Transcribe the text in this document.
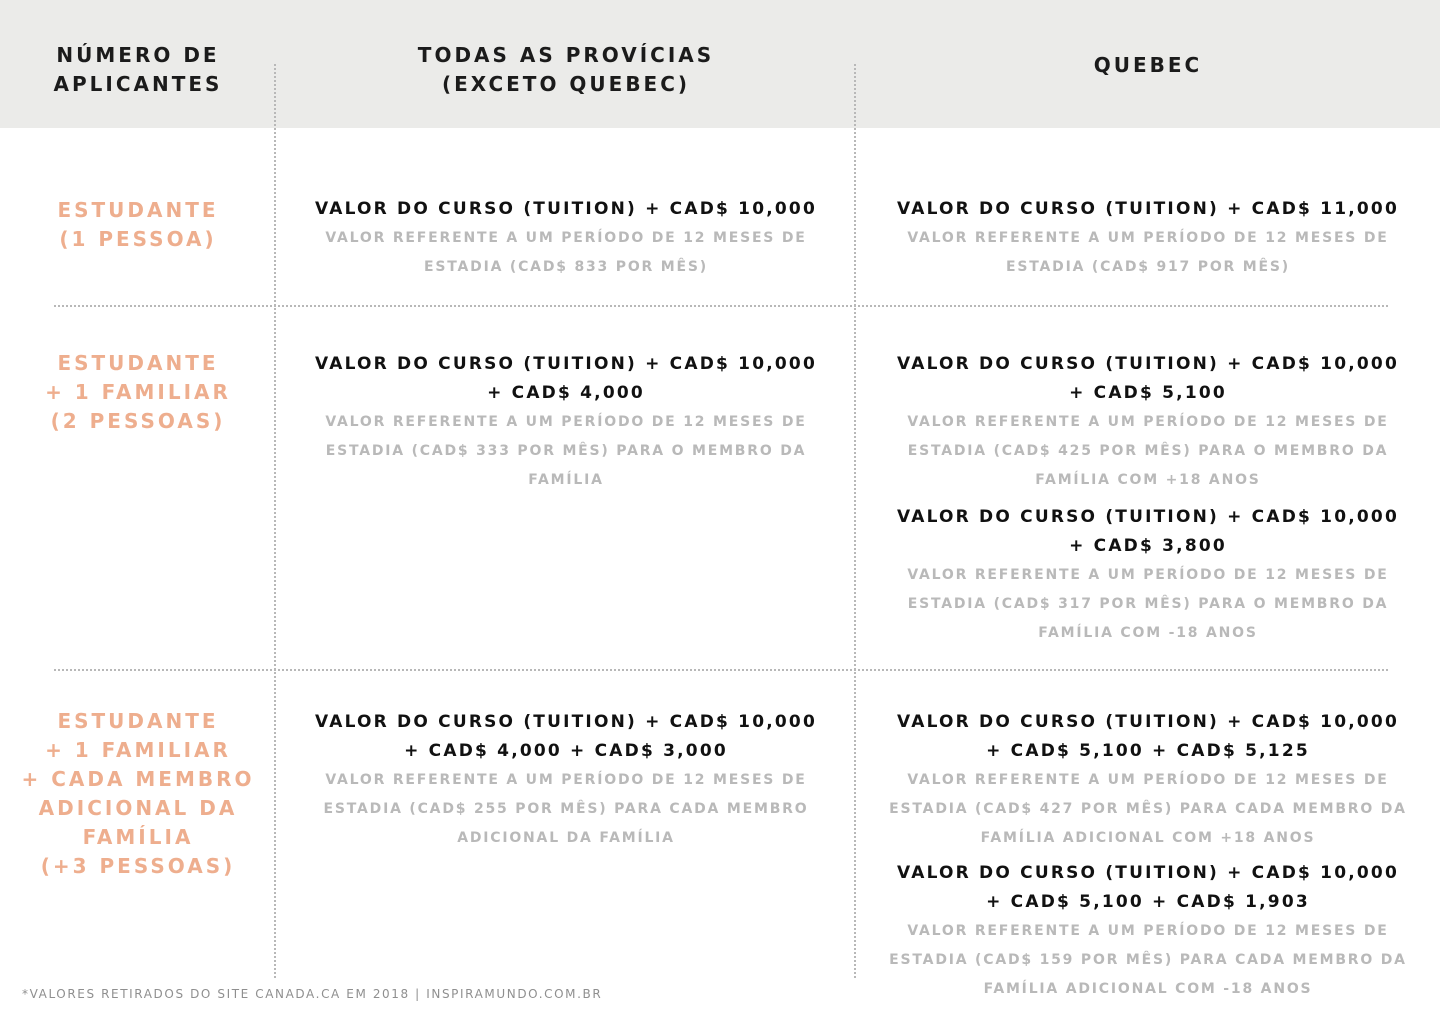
NÚMERO DE
APLICANTES
TODAS AS PROVÍCIAS
(EXCETO QUEBEC)
QUEBEC
ESTUDANTE
(1 PESSOA)
VALOR DO CURSO (TUITION) + CAD$ 10,000
VALOR REFERENTE A UM PERÍODO DE 12 MESES DE
ESTADIA (CAD$ 833 POR MÊS)
VALOR DO CURSO (TUITION) + CAD$ 11,000
VALOR REFERENTE A UM PERÍODO DE 12 MESES DE
ESTADIA (CAD$ 917 POR MÊS)
ESTUDANTE
+ 1 FAMILIAR
(2 PESSOAS)
VALOR DO CURSO (TUITION) + CAD$ 10,000
+ CAD$ 4,000
VALOR REFERENTE A UM PERÍODO DE 12 MESES DE
ESTADIA (CAD$ 333 POR MÊS) PARA O MEMBRO DA
FAMÍLIA
VALOR DO CURSO (TUITION) + CAD$ 10,000
+ CAD$ 5,100
VALOR REFERENTE A UM PERÍODO DE 12 MESES DE
ESTADIA (CAD$ 425 POR MÊS) PARA O MEMBRO DA
FAMÍLIA COM +18 ANOS
VALOR DO CURSO (TUITION) + CAD$ 10,000
+ CAD$ 3,800
VALOR REFERENTE A UM PERÍODO DE 12 MESES DE
ESTADIA (CAD$ 317 POR MÊS) PARA O MEMBRO DA
FAMÍLIA COM -18 ANOS
ESTUDANTE
+ 1 FAMILIAR
+ CADA MEMBRO
ADICIONAL DA
FAMÍLIA
(+3 PESSOAS)
VALOR DO CURSO (TUITION) + CAD$ 10,000
+ CAD$ 4,000 + CAD$ 3,000
VALOR REFERENTE A UM PERÍODO DE 12 MESES DE
ESTADIA (CAD$ 255 POR MÊS) PARA CADA MEMBRO
ADICIONAL DA FAMÍLIA
VALOR DO CURSO (TUITION) + CAD$ 10,000
+ CAD$ 5,100 + CAD$ 5,125
VALOR REFERENTE A UM PERÍODO DE 12 MESES DE
ESTADIA (CAD$ 427 POR MÊS) PARA CADA MEMBRO DA
FAMÍLIA ADICIONAL COM +18 ANOS
VALOR DO CURSO (TUITION) + CAD$ 10,000
+ CAD$ 5,100 + CAD$ 1,903
VALOR REFERENTE A UM PERÍODO DE 12 MESES DE
ESTADIA (CAD$ 159 POR MÊS) PARA CADA MEMBRO DA
FAMÍLIA ADICIONAL COM -18 ANOS
*VALORES RETIRADOS DO SITE CANADA.CA EM 2018 | INSPIRAMUNDO.COM.BR
